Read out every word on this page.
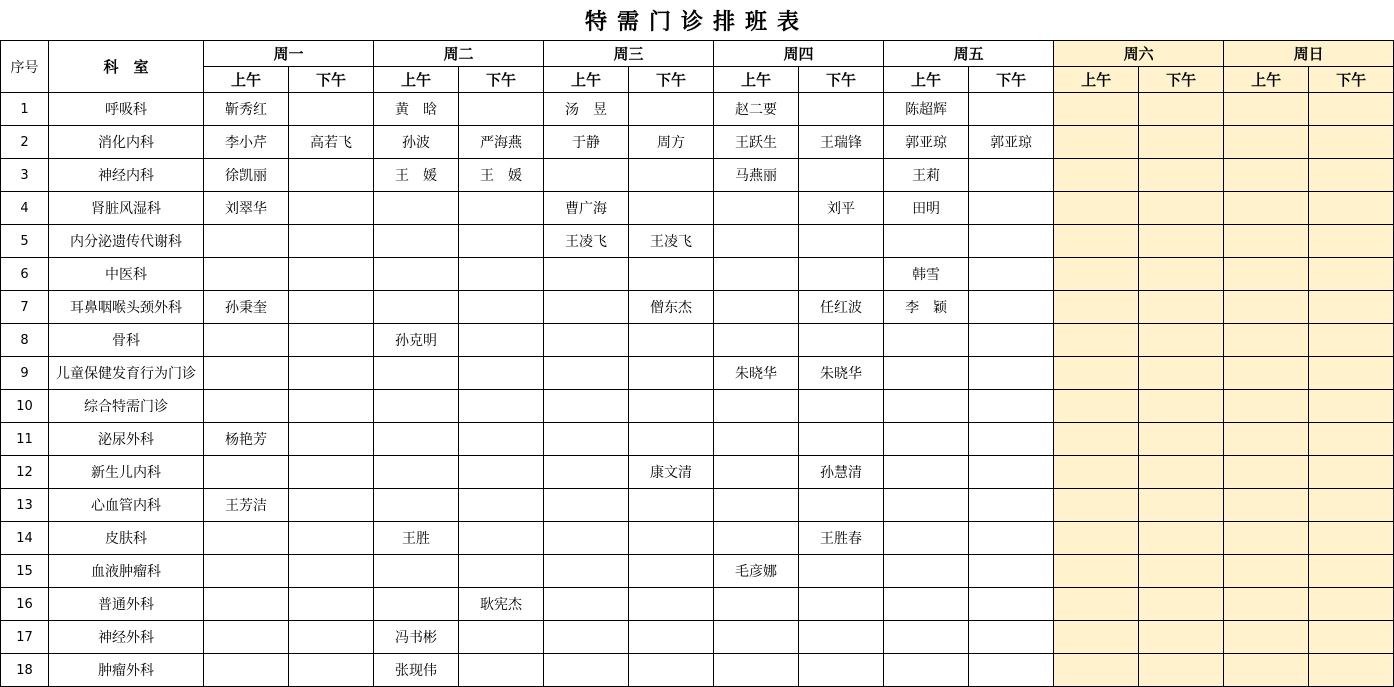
特需门诊排班表
序号	科　室	周一		周二		周三		周四		周五		周六		周日	
		上午	下午	上午	下午	上午	下午	上午	下午	上午	下午	上午	下午	上午	下午
1	呼吸科	靳秀红		黄　晗		汤　昱		赵二要		陈超辉					
2	消化内科	李小芹	高若飞	孙波	严海燕	于静	周方	王跃生	王瑞锋	郭亚琼	郭亚琼				
3	神经内科	徐凯丽		王　媛	王　媛			马燕丽		王莉					
4	肾脏风湿科	刘翠华				曹广海			刘平	田明					
5	内分泌遗传代谢科					王凌飞	王凌飞								
6	中医科									韩雪					
7	耳鼻咽喉头颈外科	孙秉奎					僧东杰		任红波	李　颖					
8	骨科			孙克明											
9	儿童保健发育行为门诊							朱晓华	朱晓华						
10	综合特需门诊														
11	泌尿外科	杨艳芳													
12	新生儿内科						康文清		孙慧清						
13	心血管内科	王芳洁													
14	皮肤科			王胜					王胜春						
15	血液肿瘤科							毛彦娜							
16	普通外科				耿宪杰										
17	神经外科			冯书彬											
18	肿瘤外科			张现伟											
